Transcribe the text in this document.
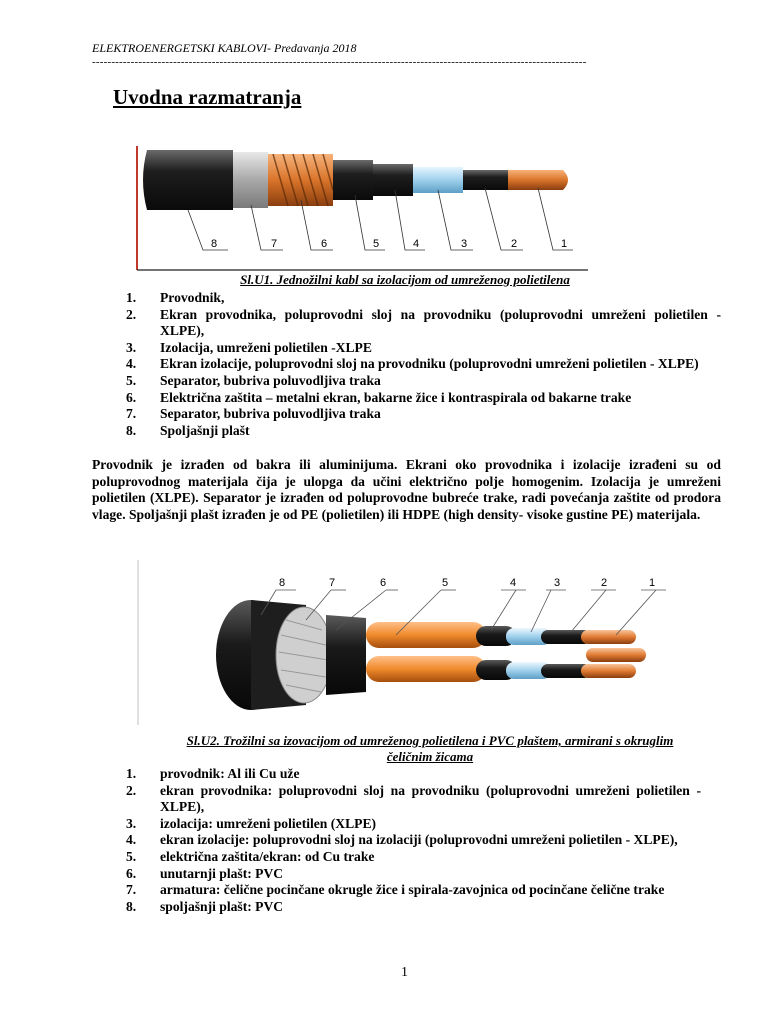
ELEKTROENERGETSKI KABLOVI- Predavanja 2018
--------------------------------------------------------------------------------------------------------------------------------
Uvodna razmatranja
8	7	6	5	4	3	2	1
Sl.U1. Jednožilni kabl sa izolacijom od umreženog polietilena
1.	Provodnik,
2.	Ekran provodnika, poluprovodni sloj na provodniku (poluprovodni umreženi polietilen - XLPE),
3.	Izolacija, umreženi polietilen -XLPE
4.	Ekran izolacije, poluprovodni sloj na provodniku (poluprovodni umreženi polietilen - XLPE)
5.	Separator, bubriva poluvodljiva traka
6.	Električna zaštita – metalni ekran, bakarne žice i kontraspirala od bakarne trake
7.	Separator, bubriva poluvodljiva traka
8.	Spoljašnji plašt

Provodnik je izrađen od bakra ili aluminijuma. Ekrani oko provodnika i izolacije izrađeni su od poluprovodnog materijala čija je ulopga da učini električno polje homogenim. Izolacija je umreženi polietilen (XLPE). Separator je izrađen od poluprovodne bubreće trake, radi povećanja zaštite od prodora vlage. Spoljašnji plašt izrađen je od PE (polietilen) ili HDPE (high density- visoke gustine PE) materijala.

8	7	6	5	4	3	2	1
Sl.U2. Trožilni sa izovacijom od umreženog polietilena i PVC plaštem, armirani s okruglim
čeličnim žicama
1.	provodnik: Al ili Cu uže
2.	ekran provodnika: poluprovodni sloj na provodniku (poluprovodni umreženi polietilen - XLPE),
3.	izolacija: umreženi polietilen (XLPE)
4.	ekran izolacije: poluprovodni sloj na izolaciji (poluprovodni umreženi polietilen - XLPE),
5.	električna zaštita/ekran: od Cu trake
6.	unutarnji plašt: PVC
7.	armatura: čelične pocinčane okrugle žice i spirala-zavojnica od pocinčane čelične trake
8.	spoljašnji plašt: PVC
1
